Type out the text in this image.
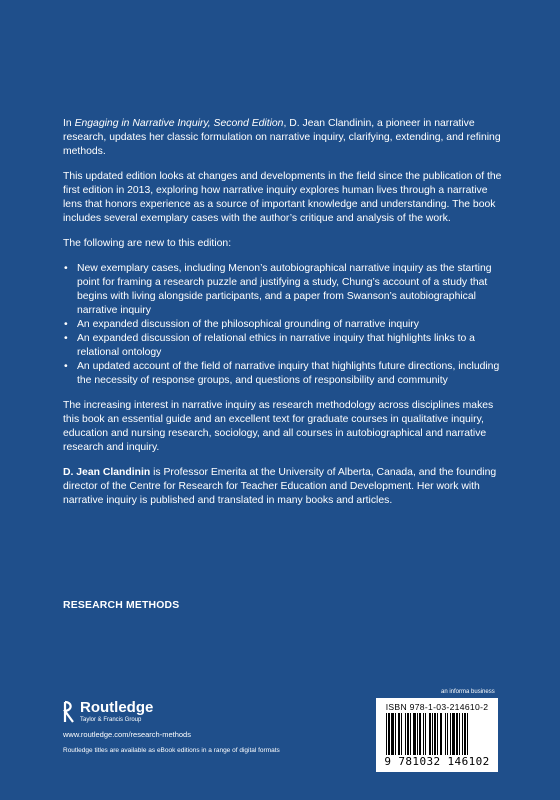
In Engaging in Narrative Inquiry, Second Edition, D. Jean Clandinin, a pioneer in narrative research, updates her classic formulation on narrative inquiry, clarifying, extending, and refining methods.

This updated edition looks at changes and developments in the field since the publication of the first edition in 2013, exploring how narrative inquiry explores human lives through a narrative lens that honors experience as a source of important knowledge and understanding. The book includes several exemplary cases with the author’s critique and analysis of the work.

The following are new to this edition:

• New exemplary cases, including Menon’s autobiographical narrative inquiry as the starting point for framing a research puzzle and justifying a study, Chung’s account of a study that begins with living alongside participants, and a paper from Swanson’s autobiographical narrative inquiry
• An expanded discussion of the philosophical grounding of narrative inquiry
• An expanded discussion of relational ethics in narrative inquiry that highlights links to a relational ontology
• An updated account of the field of narrative inquiry that highlights future directions, including the necessity of response groups, and questions of responsibility and community

The increasing interest in narrative inquiry as research methodology across disciplines makes this book an essential guide and an excellent text for graduate courses in qualitative inquiry, education and nursing research, sociology, and all courses in autobiographical and narrative research and inquiry.

D. Jean Clandinin is Professor Emerita at the University of Alberta, Canada, and the founding director of the Centre for Research for Teacher Education and Development. Her work with narrative inquiry is published and translated in many books and articles.

RESEARCH METHODS
Routledge
Taylor & Francis Group
www.routledge.com/research-methods
Routledge titles are available as eBook editions in a range of digital formats
an informa business
ISBN 978-1-03-214610-2
9 781032 146102
